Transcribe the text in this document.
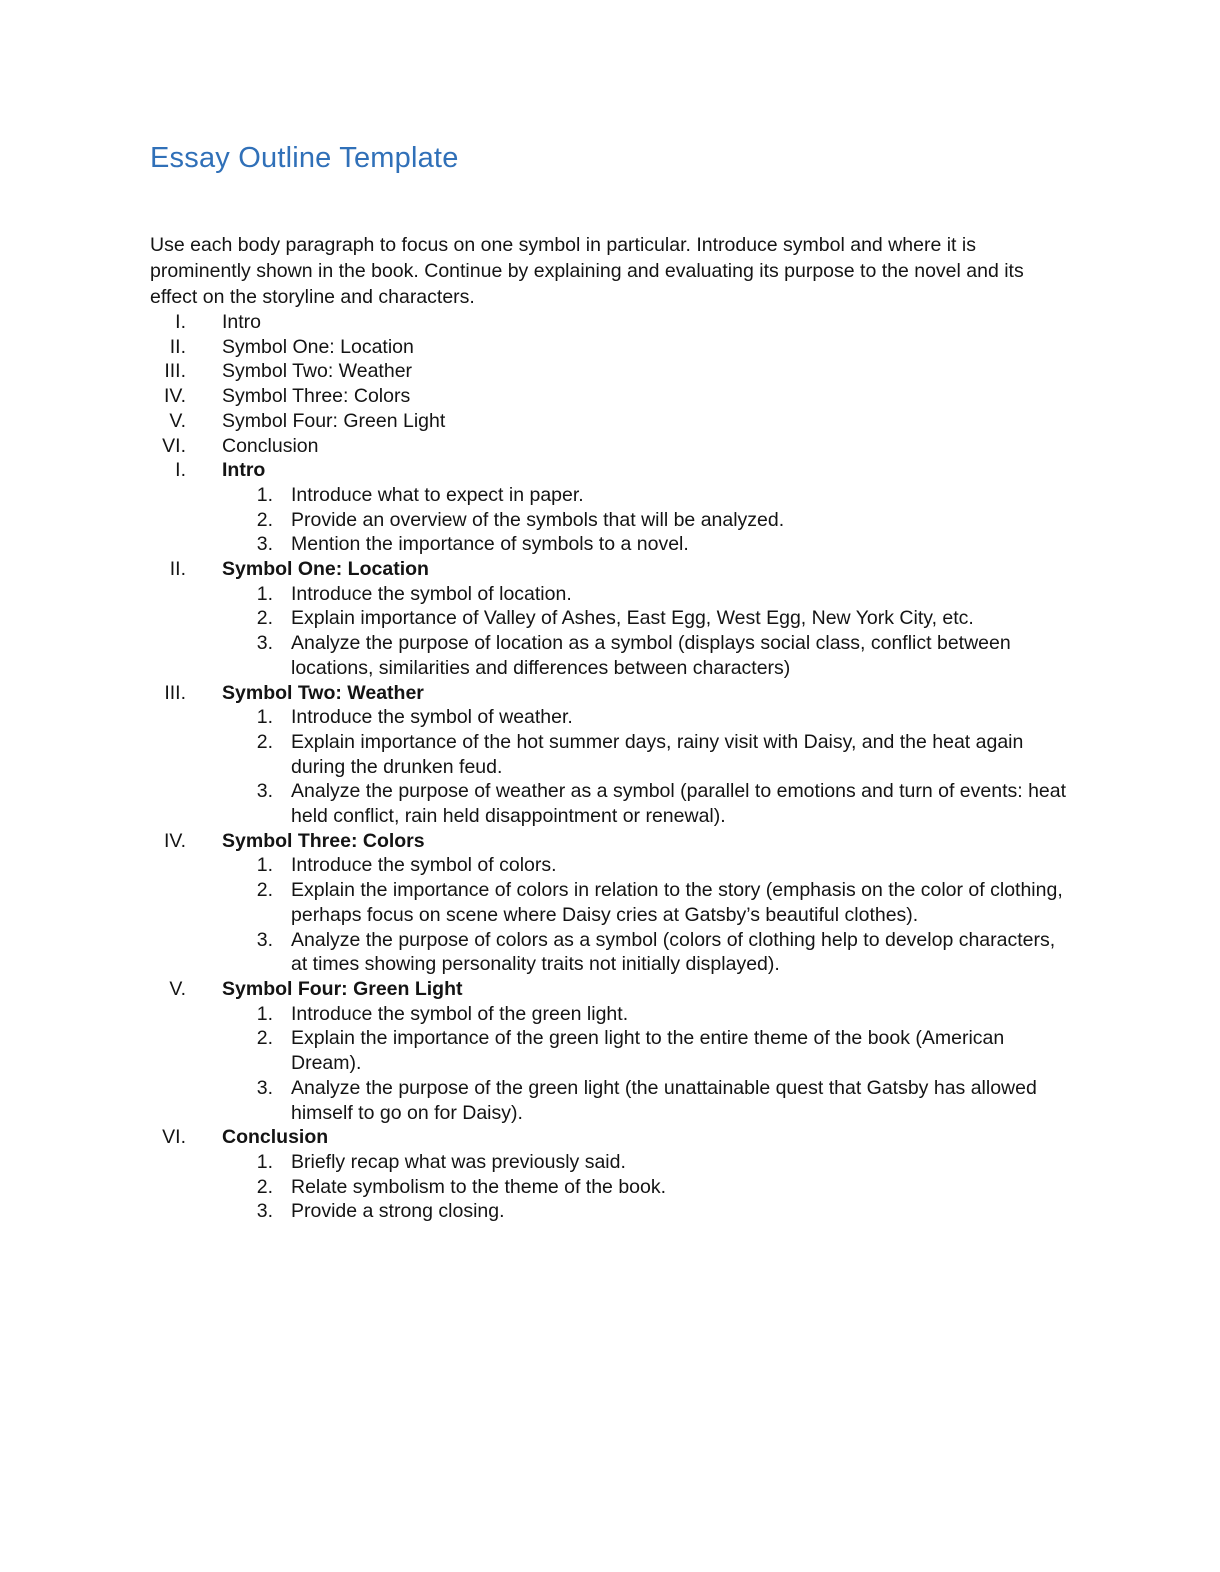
Essay Outline Template

Use each body paragraph to focus on one symbol in particular. Introduce symbol and where it is prominently shown in the book. Continue by explaining and evaluating its purpose to the novel and its effect on the storyline and characters.

I. Intro
II. Symbol One: Location
III. Symbol Two: Weather
IV. Symbol Three: Colors
V. Symbol Four: Green Light
VI. Conclusion
I. Intro
1. Introduce what to expect in paper.
2. Provide an overview of the symbols that will be analyzed.
3. Mention the importance of symbols to a novel.
II. Symbol One: Location
1. Introduce the symbol of location.
2. Explain importance of Valley of Ashes, East Egg, West Egg, New York City, etc.
3. Analyze the purpose of location as a symbol (displays social class, conflict between locations, similarities and differences between characters)
III. Symbol Two: Weather
1. Introduce the symbol of weather.
2. Explain importance of the hot summer days, rainy visit with Daisy, and the heat again during the drunken feud.
3. Analyze the purpose of weather as a symbol (parallel to emotions and turn of events: heat held conflict, rain held disappointment or renewal).
IV. Symbol Three: Colors
1. Introduce the symbol of colors.
2. Explain the importance of colors in relation to the story (emphasis on the color of clothing, perhaps focus on scene where Daisy cries at Gatsby’s beautiful clothes).
3. Analyze the purpose of colors as a symbol (colors of clothing help to develop characters, at times showing personality traits not initially displayed).
V. Symbol Four: Green Light
1. Introduce the symbol of the green light.
2. Explain the importance of the green light to the entire theme of the book (American Dream).
3. Analyze the purpose of the green light (the unattainable quest that Gatsby has allowed himself to go on for Daisy).
VI. Conclusion
1. Briefly recap what was previously said.
2. Relate symbolism to the theme of the book.
3. Provide a strong closing.
